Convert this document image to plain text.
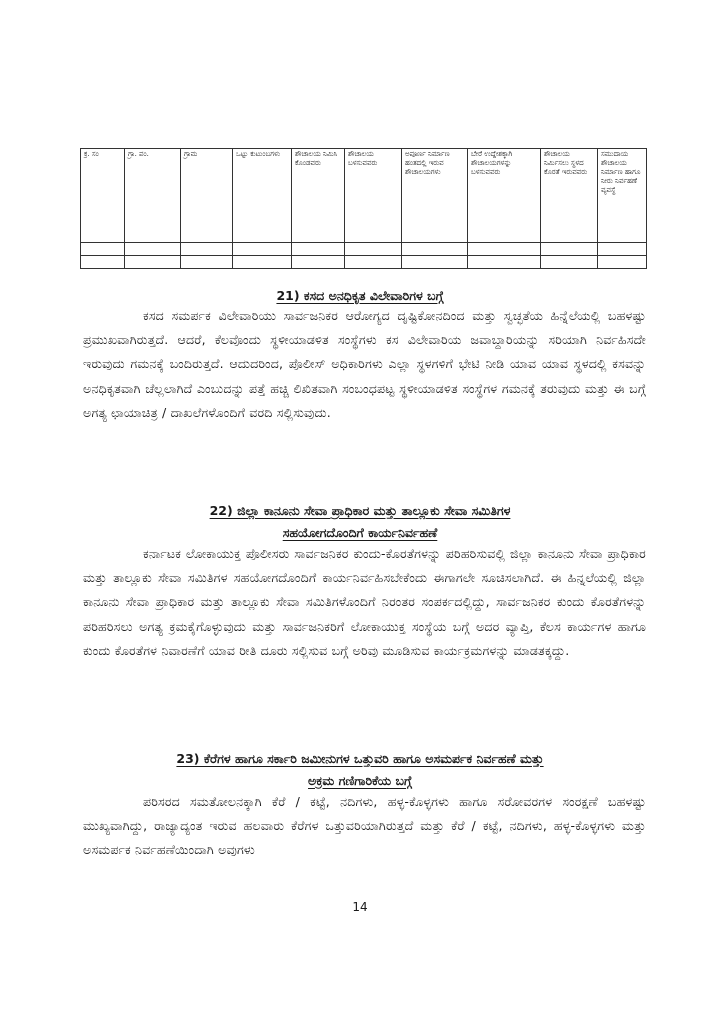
ಕ್ರ. ಸಂ	ಗ್ರಾ. ಪಂ.	ಗ್ರಾಮ	ಒಟ್ಟು ಕುಟುಂಬಗಳು	ಶೌಚಾಲಯ ನಿಮಿಸಿ ಕೊಂಡವರು	ಶೌಚಾಲಯ ಬಳಸುವವರು	ಅಪೂರ್ಣ ನಿರ್ಮಾಣ ಹಂತದಲ್ಲಿ ಇರುವ ಶೌಚಾಲಯಗಳು	ಬೇರೆ ಉದ್ದೇಶಕ್ಕಾಗಿ ಶೌಚಾಲಯಗಳನ್ನು ಬಳಸುವವರು	ಶೌಚಾಲಯ ನಿರ್ಮಿಸಲು ಸ್ಥಳದ ಕೊರತೆ ಇರುವವರು	ಸಮುದಾಯ ಶೌಚಾಲಯ ನಿರ್ಮಾಣ ಹಾಗೂ ನೀರು ನಿರ್ವಹಣೆ ವ್ಯವಸ್ಥೆ

21) ಕಸದ ಅನಧಿಕೃತ ವಿಲೇವಾರಿಗಳ ಬಗ್ಗೆ

ಕಸದ ಸಮರ್ಪಕ ವಿಲೇವಾರಿಯು ಸಾರ್ವಜನಿಕರ ಆರೋಗ್ಯದ ದೃಷ್ಟಿಕೋನದಿಂದ ಮತ್ತು ಸ್ವಚ್ಛತೆಯ ಹಿನ್ನೆಲೆಯಲ್ಲಿ ಬಹಳಷ್ಟು ಪ್ರಮುಖವಾಗಿರುತ್ತದೆ. ಆದರೆ, ಕೆಲವೊಂದು ಸ್ಥಳೀಯಾಡಳಿತ ಸಂಸ್ಥೆಗಳು ಕಸ ವಿಲೇವಾರಿಯ ಜವಾಬ್ದಾರಿಯನ್ನು ಸರಿಯಾಗಿ ನಿರ್ವಹಿಸದೇ ಇರುವುದು ಗಮನಕ್ಕೆ ಬಂದಿರುತ್ತದೆ. ಆದುದರಿಂದ, ಪೊಲೀಸ್ ಅಧಿಕಾರಿಗಳು ಎಲ್ಲಾ ಸ್ಥಳಗಳಿಗೆ ಭೇಟಿ ನೀಡಿ ಯಾವ ಯಾವ ಸ್ಥಳದಲ್ಲಿ ಕಸವನ್ನು ಅನಧಿಕೃತವಾಗಿ ಚೆಲ್ಲಲಾಗಿದೆ ಎಂಬುದನ್ನು ಪತ್ತೆ ಹಚ್ಚಿ ಲಿಖಿತವಾಗಿ ಸಂಬಂಧಪಟ್ಟ ಸ್ಥಳೀಯಾಡಳಿತ ಸಂಸ್ಥೆಗಳ ಗಮನಕ್ಕೆ ತರುವುದು ಮತ್ತು ಈ ಬಗ್ಗೆ ಅಗತ್ಯ ಛಾಯಾಚಿತ್ರ / ದಾಖಲೆಗಳೊಂದಿಗೆ ವರದಿ ಸಲ್ಲಿಸುವುದು.

22) ಜಿಲ್ಲಾ ಕಾನೂನು ಸೇವಾ ಪ್ರಾಧಿಕಾರ ಮತ್ತು ತಾಲ್ಲೂಕು ಸೇವಾ ಸಮಿತಿಗಳ
ಸಹಯೋಗದೊಂದಿಗೆ ಕಾರ್ಯನಿರ್ವಹಣೆ

ಕರ್ನಾಟಕ ಲೋಕಾಯುಕ್ತ ಪೊಲೀಸರು ಸಾರ್ವಜನಿಕರ ಕುಂದು-ಕೊರತೆಗಳನ್ನು ಪರಿಹರಿಸುವಲ್ಲಿ ಜಿಲ್ಲಾ ಕಾನೂನು ಸೇವಾ ಪ್ರಾಧಿಕಾರ ಮತ್ತು ತಾಲ್ಲೂಕು ಸೇವಾ ಸಮಿತಿಗಳ ಸಹಯೋಗದೊಂದಿಗೆ ಕಾರ್ಯನಿರ್ವಹಿಸಬೇಕೆಂದು ಈಗಾಗಲೇ ಸೂಚಿಸಲಾಗಿದೆ. ಈ ಹಿನ್ನಲೆಯಲ್ಲಿ ಜಿಲ್ಲಾ ಕಾನೂನು ಸೇವಾ ಪ್ರಾಧಿಕಾರ ಮತ್ತು ತಾಲ್ಲೂಕು ಸೇವಾ ಸಮಿತಿಗಳೊಂದಿಗೆ ನಿರಂತರ ಸಂಪರ್ಕದಲ್ಲಿದ್ದು, ಸಾರ್ವಜನಿಕರ ಕುಂದು ಕೊರತೆಗಳನ್ನು ಪರಿಹರಿಸಲು ಅಗತ್ಯ ಕ್ರಮಕೈಗೊಳ್ಳುವುದು ಮತ್ತು ಸಾರ್ವಜನಿಕರಿಗೆ ಲೋಕಾಯುಕ್ತ ಸಂಸ್ಥೆಯ ಬಗ್ಗೆ ಅದರ ವ್ಯಾಪ್ತಿ, ಕೆಲಸ ಕಾರ್ಯಗಳ ಹಾಗೂ ಕುಂದು ಕೊರತೆಗಳ ನಿವಾರಣೆಗೆ ಯಾವ ರೀತಿ ದೂರು ಸಲ್ಲಿಸುವ ಬಗ್ಗೆ ಅರಿವು ಮೂಡಿಸುವ ಕಾರ್ಯಕ್ರಮಗಳನ್ನು ಮಾಡತಕ್ಕದ್ದು.

23) ಕೆರೆಗಳ ಹಾಗೂ ಸರ್ಕಾರಿ ಜಮೀನುಗಳ ಒತ್ತುವರಿ ಹಾಗೂ ಅಸಮರ್ಪಕ ನಿರ್ವಹಣೆ ಮತ್ತು
ಅಕ್ರಮ ಗಣಿಗಾರಿಕೆಯ ಬಗ್ಗೆ

ಪರಿಸರದ ಸಮತೋಲನಕ್ಕಾಗಿ ಕೆರೆ / ಕಟ್ಟೆ, ನದಿಗಳು, ಹಳ್ಳ-ಕೊಳ್ಳಗಳು ಹಾಗೂ ಸರೋವರಗಳ ಸಂರಕ್ಷಣೆ ಬಹಳಷ್ಟು ಮುಖ್ಯವಾಗಿದ್ದು, ರಾಜ್ಯಾದ್ಯಂತ ಇರುವ ಹಲವಾರು ಕೆರೆಗಳ ಒತ್ತುವರಿಯಾಗಿರುತ್ತದೆ ಮತ್ತು ಕೆರೆ / ಕಟ್ಟೆ, ನದಿಗಳು, ಹಳ್ಳ-ಕೊಳ್ಳಗಳು ಮತ್ತು ಅಸಮರ್ಪಕ ನಿರ್ವಹಣೆಯಿಂದಾಗಿ ಅವುಗಳು

14
